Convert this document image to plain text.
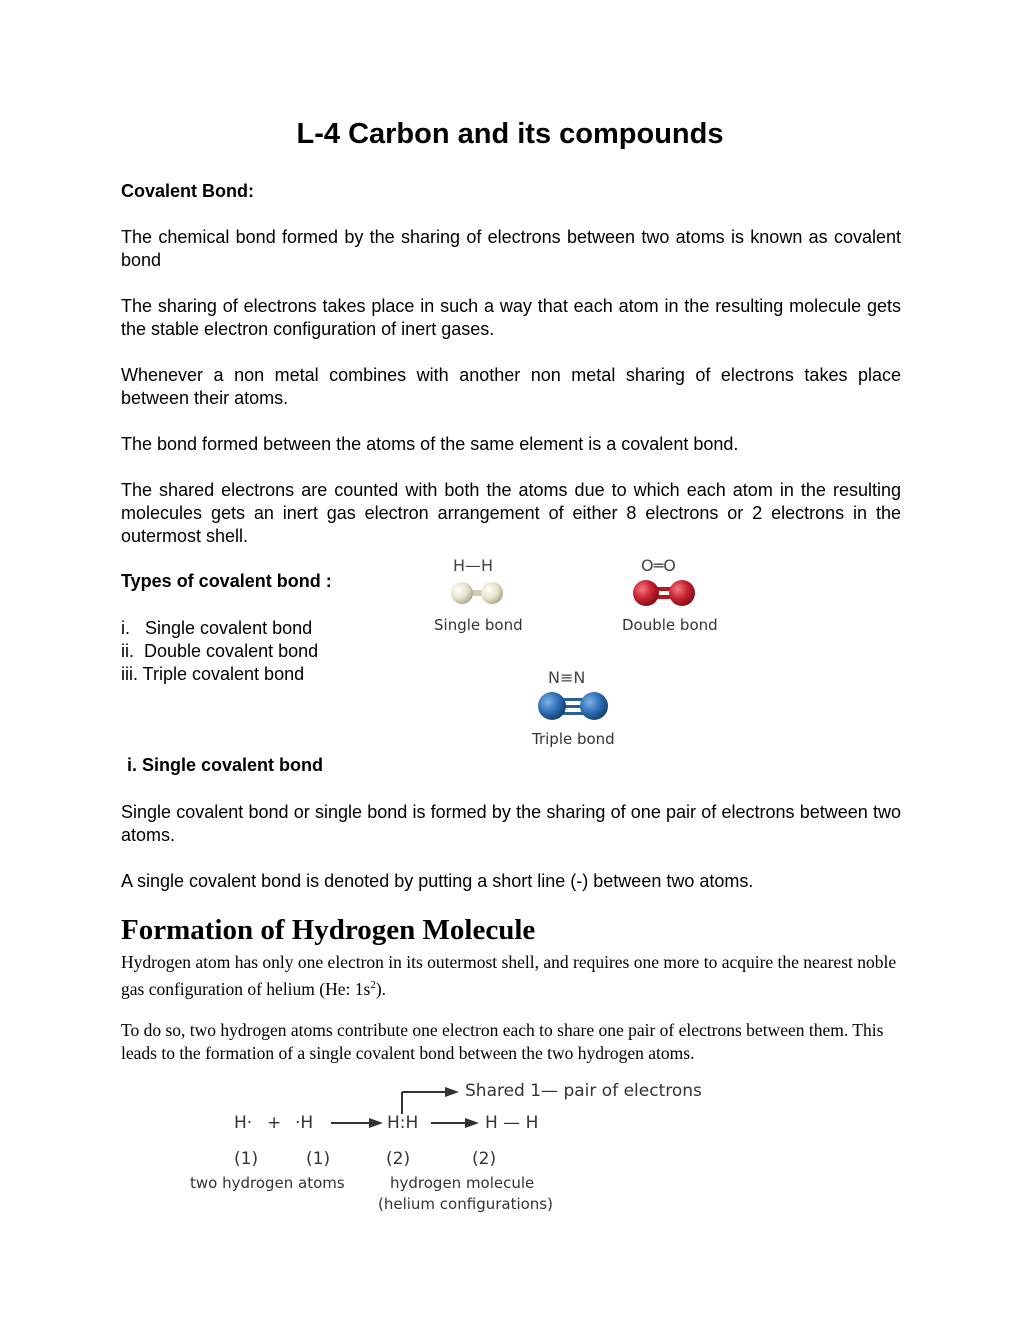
L-4 Carbon and its compounds

Covalent Bond:

The chemical bond formed by the sharing of electrons between two atoms is known as covalent bond

The sharing of electrons takes place in such a way that each atom in the resulting molecule gets the stable electron configuration of inert gases.

Whenever a non metal combines with another non metal sharing of electrons takes place between their atoms.

The bond formed between the atoms of the same element is a covalent bond.

The shared electrons are counted with both the atoms due to which each atom in the resulting molecules gets an inert gas electron arrangement of either 8 electrons or 2 electrons in the outermost shell.

Types of covalent bond :

i.   Single covalent bond
ii.  Double covalent bond
iii. Triple covalent bond
H—H
Single bond
O═O
Double bond
N≡N
Triple bond

i. Single covalent bond

Single covalent bond or single bond is formed by the sharing of one pair of electrons between two atoms.

A single covalent bond is denoted by putting a short line (-) between two atoms.

Formation of Hydrogen Molecule

Hydrogen atom has only one electron in its outermost shell, and requires one more to acquire the nearest noble gas configuration of helium (He: $1s^2$).

To do so, two hydrogen atoms contribute one electron each to share one pair of electrons between them. This leads to the formation of a single covalent bond between the two hydrogen atoms.

Shared 1— pair of electrons
H· + ·H	H:H	H — H
(1)	(1)	(2)	(2)
two hydrogen atoms	hydrogen molecule
(helium configurations)
